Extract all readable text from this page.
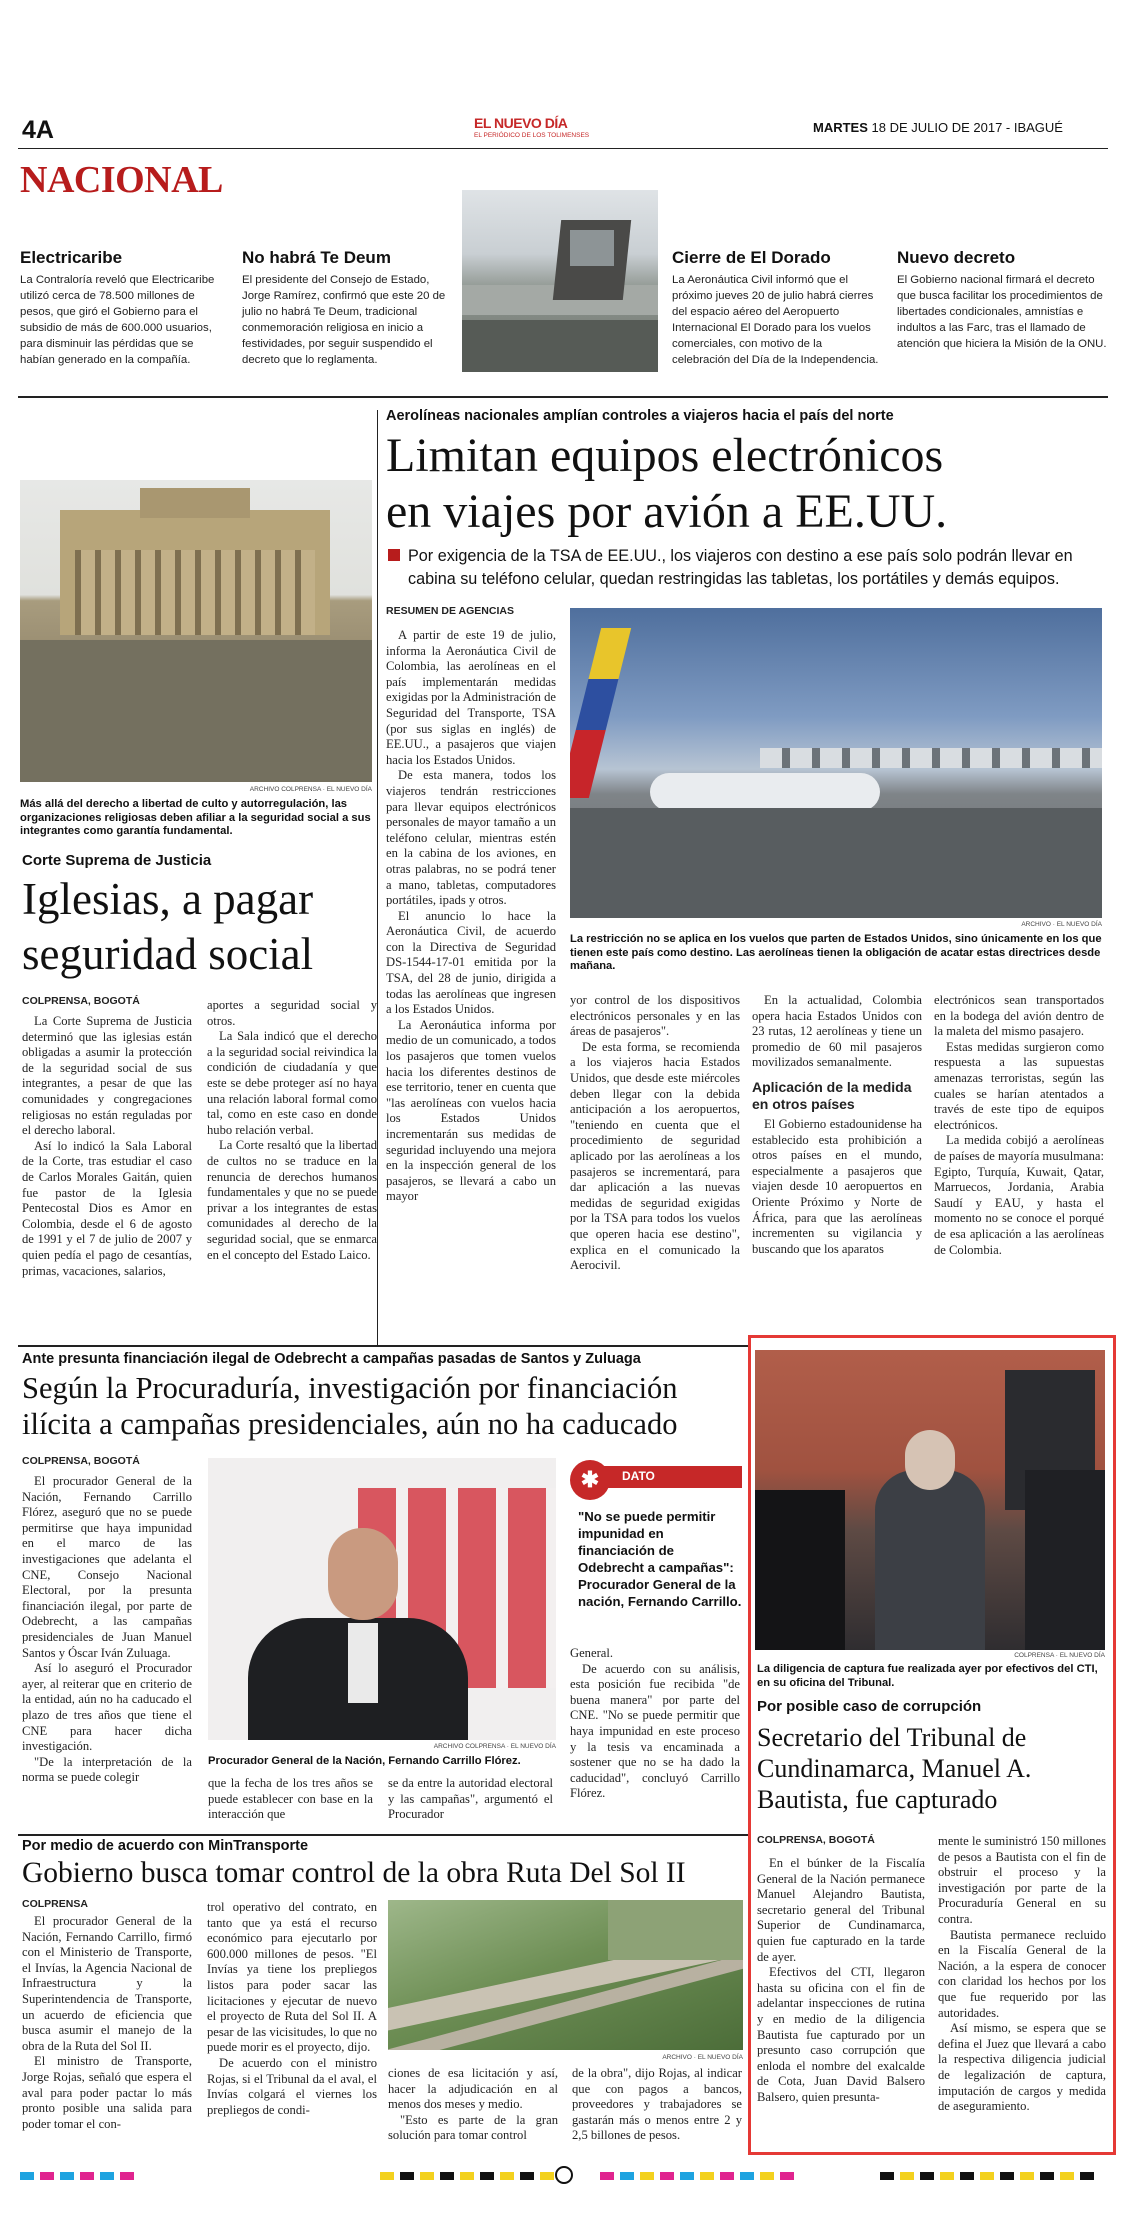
4A	EL NUEVO DÍA
EL PERIÓDICO DE LOS TOLIMENSES
MARTES 18 DE JULIO DE 2017 - IBAGUÉ
NACIONAL
Electricaribe
La Contraloría reveló que Electricaribe utilizó cerca de 78.500 millones de pesos, que giró el Gobierno para el subsidio de más de 600.000 usuarios, para disminuir las pérdidas que se habían generado en la compañía.
No habrá Te Deum
El presidente del Consejo de Estado, Jorge Ramírez, confirmó que este 20 de julio no habrá Te Deum, tradicional conmemoración religiosa en inicio a festividades, por seguir suspendido el decreto que lo reglamenta.
Cierre de El Dorado
La Aeronáutica Civil informó que el próximo jueves 20 de julio habrá cierres del espacio aéreo del Aeropuerto Internacional El Dorado para los vuelos comerciales, con motivo de la celebración del Día de la Independencia.
Nuevo decreto
El Gobierno nacional firmará el decreto que busca facilitar los procedimientos de libertades condicionales, amnistías e indultos a las Farc, tras el llamado de atención que hiciera la Misión de la ONU.
ARCHIVO COLPRENSA · EL NUEVO DÍA
Más allá del derecho a libertad de culto y autorregulación, las organizaciones religiosas deben afiliar a la seguridad social a sus integrantes como garantía fundamental.
Corte Suprema de Justicia
Iglesias, a pagar
seguridad social
COLPRENSA, BOGOTÁ

La Corte Suprema de Justicia determinó que las iglesias están obligadas a asumir la protección de la seguridad social de sus integrantes, a pesar de que las comunidades y congregaciones religiosas no están reguladas por el derecho laboral.

Así lo indicó la Sala Laboral de la Corte, tras estudiar el caso de Carlos Morales Gaitán, quien fue pastor de la Iglesia Pentecostal Dios es Amor en Colombia, desde el 6 de agosto de 1991 y el 7 de julio de 2007 y quien pedía el pago de cesantías, primas, vacaciones, salarios,

aportes a seguridad social y otros.

La Sala indicó que el derecho a la seguridad social reivindica la condición de ciudadanía y que este se debe proteger así no haya una relación laboral formal como tal, como en este caso en donde hubo relación verbal.

La Corte resaltó que la libertad de cultos no se traduce en la renuncia de derechos humanos fundamentales y que no se puede privar a los integrantes de estas comunidades al derecho de la seguridad social, que se enmarca en el concepto del Estado Laico.

Aerolíneas nacionales amplían controles a viajeros hacia el país del norte
Limitan equipos electrónicos
en viajes por avión a EE.UU.
Por exigencia de la TSA de EE.UU., los viajeros con destino a ese país solo podrán llevar en cabina su teléfono celular, quedan restringidas las tabletas, los portátiles y demás equipos.
RESUMEN DE AGENCIAS

A partir de este 19 de julio, informa la Aeronáutica Civil de Colombia, las aerolíneas en el país implementarán medidas exigidas por la Administración de Seguridad del Transporte, TSA (por sus siglas en inglés) de EE.UU., a pasajeros que viajen hacia los Estados Unidos.

De esta manera, todos los viajeros tendrán restricciones para llevar equipos electrónicos personales de mayor tamaño a un teléfono celular, mientras estén en la cabina de los aviones, en otras palabras, no se podrá tener a mano, tabletas, computadores portátiles, ipads y otros.

El anuncio lo hace la Aeronáutica Civil, de acuerdo con la Directiva de Seguridad DS-1544-17-01 emitida por la TSA, del 28 de junio, dirigida a todas las aerolíneas que ingresen a los Estados Unidos.

La Aeronáutica informa por medio de un comunicado, a todos los pasajeros que tomen vuelos hacia los diferentes destinos de ese territorio, tener en cuenta que "las aerolíneas con vuelos hacia los Estados Unidos incrementarán sus medidas de seguridad incluyendo una mejora en la inspección general de los pasajeros, se llevará a cabo un mayor

ARCHIVO · EL NUEVO DÍA
La restricción no se aplica en los vuelos que parten de Estados Unidos, sino únicamente en los que tienen este país como destino. Las aerolíneas tienen la obligación de acatar estas directrices desde mañana.

yor control de los dispositivos electrónicos personales y en las áreas de pasajeros".

De esta forma, se recomienda a los viajeros hacia Estados Unidos, que desde este miércoles deben llegar con la debida anticipación a los aeropuertos, "teniendo en cuenta que el procedimiento de seguridad aplicado por las aerolíneas a los pasajeros se incrementará, para dar aplicación a las nuevas medidas de seguridad exigidas por la TSA para todos los vuelos que operen hacia ese destino", explica en el comunicado la Aerocivil.

En la actualidad, Colombia opera hacia Estados Unidos con 23 rutas, 12 aerolíneas y tiene un promedio de 60 mil pasajeros movilizados semanalmente.

Aplicación de la medida en otros países

El Gobierno estadounidense ha establecido esta prohibición a otros países en el mundo, especialmente a pasajeros que viajen desde 10 aeropuertos en Oriente Próximo y Norte de África, para que las aerolíneas incrementen su vigilancia y buscando que los aparatos

electrónicos sean transportados en la bodega del avión dentro de la maleta del mismo pasajero.

Estas medidas surgieron como respuesta a las supuestas amenazas terroristas, según las cuales se harían atentados a través de este tipo de equipos electrónicos.

La medida cobijó a aerolíneas de países de mayoría musulmana: Egipto, Turquía, Kuwait, Qatar, Marruecos, Jordania, Arabia Saudí y EAU, y hasta el momento no se conoce el porqué de esa aplicación a las aerolíneas de Colombia.

Ante presunta financiación ilegal de Odebrecht a campañas pasadas de Santos y Zuluaga
Según la Procuraduría, investigación por financiación
ilícita a campañas presidenciales, aún no ha caducado
COLPRENSA, BOGOTÁ

El procurador General de la Nación, Fernando Carrillo Flórez, aseguró que no se puede permitirse que haya impunidad en el marco de las investigaciones que adelanta el CNE, Consejo Nacional Electoral, por la presunta financiación ilegal, por parte de Odebrecht, a las campañas presidenciales de Juan Manuel Santos y Óscar Iván Zuluaga.

Así lo aseguró el Procurador ayer, al reiterar que en criterio de la entidad, aún no ha caducado el plazo de tres años que tiene el CNE para hacer dicha investigación.

"De la interpretación de la norma se puede colegir

ARCHIVO COLPRENSA · EL NUEVO DÍA
Procurador General de la Nación, Fernando Carrillo Flórez.

que la fecha de los tres años se puede establecer con base en la interacción que

se da entre la autoridad electoral y las campañas", argumentó el Procurador

✱	DATO
"No se puede permitir impunidad en financiación de Odebrecht a campañas": Procurador General de la nación, Fernando Carrillo.

General.

De acuerdo con su análisis, esta posición fue recibida "de buena manera" por parte del CNE. "No se puede permitir que haya impunidad en este proceso y la tesis va encaminada a sostener que no se ha dado la caducidad", concluyó Carrillo Flórez.

Por medio de acuerdo con MinTransporte
Gobierno busca tomar control de la obra Ruta Del Sol II
COLPRENSA

El procurador General de la Nación, Fernando Carrillo, firmó con el Ministerio de Transporte, el Invías, la Agencia Nacional de Infraestructura y la Superintendencia de Transporte, un acuerdo de eficiencia que busca asumir el manejo de la obra de la Ruta del Sol II.

El ministro de Transporte, Jorge Rojas, señaló que espera el aval para poder pactar lo más pronto posible una salida para poder tomar el con-

trol operativo del contrato, en tanto que ya está el recurso económico para ejecutarlo por 600.000 millones de pesos. "El Invías ya tiene los prepliegos listos para poder sacar las licitaciones y ejecutar de nuevo el proyecto de Ruta del Sol II. A pesar de las vicisitudes, lo que no puede morir es el proyecto, dijo.

De acuerdo con el ministro Rojas, si el Tribunal da el aval, el Invías colgará el viernes los prepliegos de condi-

ARCHIVO · EL NUEVO DÍA

ciones de esa licitación y así, hacer la adjudicación en al menos dos meses y medio.

"Esto es parte de la gran solución para tomar control

de la obra", dijo Rojas, al indicar que con pagos a bancos, proveedores y trabajadores se gastarán más o menos entre 2 y 2,5 billones de pesos.

COLPRENSA · EL NUEVO DÍA
La diligencia de captura fue realizada ayer por efectivos del CTI, en su oficina del Tribunal.
Por posible caso de corrupción
Secretario del Tribunal de Cundinamarca, Manuel A. Bautista, fue capturado
COLPRENSA, BOGOTÁ

En el búnker de la Fiscalía General de la Nación permanece Manuel Alejandro Bautista, secretario general del Tribunal Superior de Cundinamarca, quien fue capturado en la tarde de ayer.

Efectivos del CTI, llegaron hasta su oficina con el fin de adelantar inspecciones de rutina y en medio de la diligencia Bautista fue capturado por un presunto caso corrupción que enloda el nombre del exalcalde de Cota, Juan David Balsero Balsero, quien presunta-

mente le suministró 150 millones de pesos a Bautista con el fin de obstruir el proceso y la investigación por parte de la Procuraduría General en su contra.

Bautista permanece recluido en la Fiscalía General de la Nación, a la espera de conocer con claridad los hechos por los que fue requerido por las autoridades.

Así mismo, se espera que se defina el Juez que llevará a cabo la respectiva diligencia judicial de legalización de captura, imputación de cargos y medida de aseguramiento.
